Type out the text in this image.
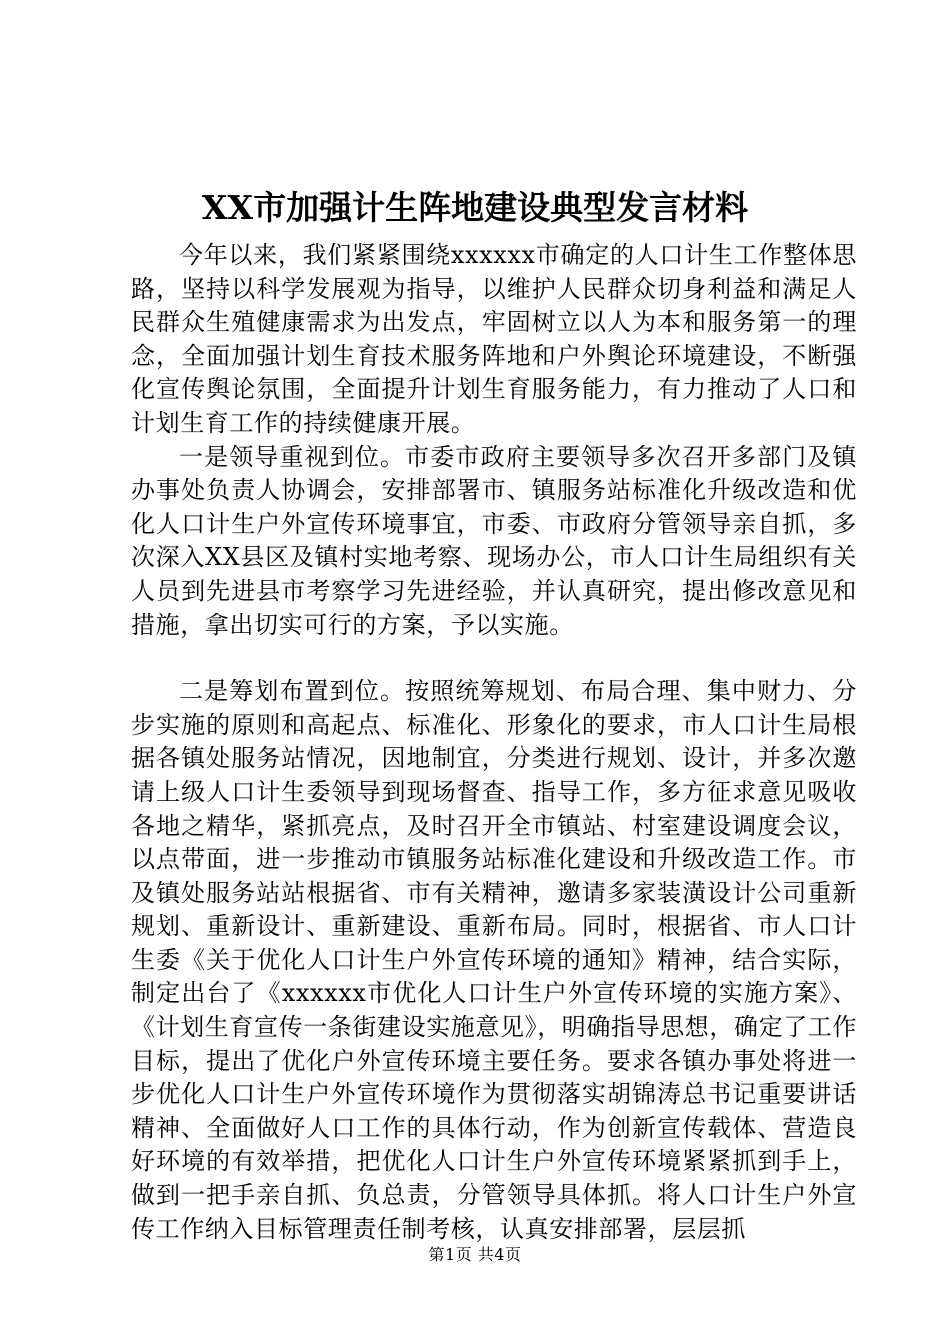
XX市加强计生阵地建设典型发言材料

今年以来，我们紧紧围绕xxxxxx市确定的人口计生工作整体思路，坚持以科学发展观为指导，以维护人民群众切身利益和满足人民群众生殖健康需求为出发点，牢固树立以人为本和服务第一的理念，全面加强计划生育技术服务阵地和户外舆论环境建设，不断强化宣传舆论氛围，全面提升计划生育服务能力，有力推动了人口和计划生育工作的持续健康开展。

一是领导重视到位。市委市政府主要领导多次召开多部门及镇办事处负责人协调会，安排部署市、镇服务站标准化升级改造和优化人口计生户外宣传环境事宜，市委、市政府分管领导亲自抓，多次深入XX县区及镇村实地考察、现场办公，市人口计生局组织有关人员到先进县市考察学习先进经验，并认真研究，提出修改意见和措施，拿出切实可行的方案，予以实施。

二是筹划布置到位。按照统筹规划、布局合理、集中财力、分步实施的原则和高起点、标准化、形象化的要求，市人口计生局根据各镇处服务站情况，因地制宜，分类进行规划、设计，并多次邀请上级人口计生委领导到现场督查、指导工作，多方征求意见吸收各地之精华，紧抓亮点，及时召开全市镇站、村室建设调度会议，以点带面，进一步推动市镇服务站标准化建设和升级改造工作。市及镇处服务站站根据省、市有关精神，邀请多家装潢设计公司重新规划、重新设计、重新建设、重新布局。同时，根据省、市人口计生委《关于优化人口计生户外宣传环境的通知》精神，结合实际，制定出台了《xxxxxx市优化人口计生户外宣传环境的实施方案》、《计划生育宣传一条街建设实施意见》，明确指导思想，确定了工作目标，提出了优化户外宣传环境主要任务。要求各镇办事处将进一步优化人口计生户外宣传环境作为贯彻落实胡锦涛总书记重要讲话精神、全面做好人口工作的具体行动，作为创新宣传载体、营造良好环境的有效举措，把优化人口计生户外宣传环境紧紧抓到手上，做到一把手亲自抓、负总责，分管领导具体抓。将人口计生户外宣传工作纳入目标管理责任制考核，认真安排部署，层层抓

第1页 共4页
